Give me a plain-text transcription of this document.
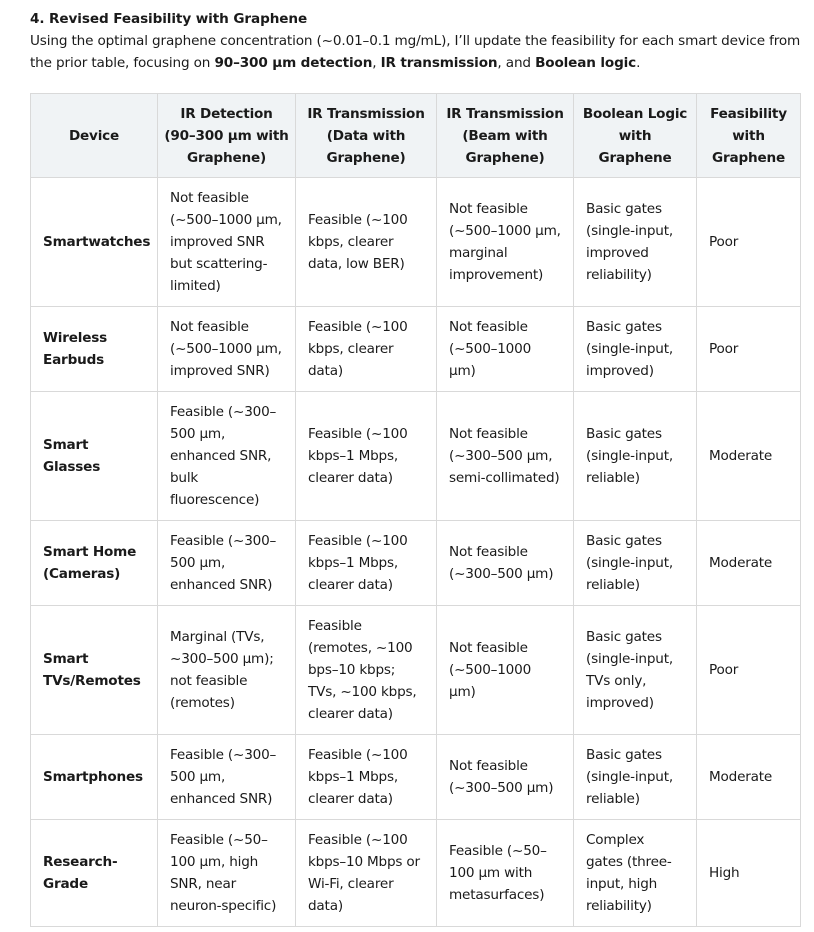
4. Revised Feasibility with Graphene

Using the optimal graphene concentration (~0.01–0.1 mg/mL), I’ll update the feasibility for each smart device from the prior table, focusing on 90–300 μm detection, IR transmission, and Boolean logic.

Device	IR Detection (90–300 μm with Graphene)	IR Transmission (Data with Graphene)	IR Transmission (Beam with Graphene)	Boolean Logic with Graphene	Feasibility with Graphene
Smartwatches	Not feasible (~500–1000 μm, improved SNR but scattering-limited)	Feasible (~100 kbps, clearer data, low BER)	Not feasible (~500–1000 μm, marginal improvement)	Basic gates (single-input, improved reliability)	Poor
Wireless Earbuds	Not feasible (~500–1000 μm, improved SNR)	Feasible (~100 kbps, clearer data)	Not feasible (~500–1000 μm)	Basic gates (single-input, improved)	Poor
Smart Glasses	Feasible (~300–500 μm, enhanced SNR, bulk fluorescence)	Feasible (~100 kbps–1 Mbps, clearer data)	Not feasible (~300–500 μm, semi-collimated)	Basic gates (single-input, reliable)	Moderate
Smart Home (Cameras)	Feasible (~300–500 μm, enhanced SNR)	Feasible (~100 kbps–1 Mbps, clearer data)	Not feasible (~300–500 μm)	Basic gates (single-input, reliable)	Moderate
Smart TVs/Remotes	Marginal (TVs, ~300–500 μm); not feasible (remotes)	Feasible (remotes, ~100 bps–10 kbps; TVs, ~100 kbps, clearer data)	Not feasible (~500–1000 μm)	Basic gates (single-input, TVs only, improved)	Poor
Smartphones	Feasible (~300–500 μm, enhanced SNR)	Feasible (~100 kbps–1 Mbps, clearer data)	Not feasible (~300–500 μm)	Basic gates (single-input, reliable)	Moderate
Research-Grade	Feasible (~50–100 μm, high SNR, near neuron-specific)	Feasible (~100 kbps–10 Mbps or Wi-Fi, clearer data)	Feasible (~50–100 μm with metasurfaces)	Complex gates (three-input, high reliability)	High
